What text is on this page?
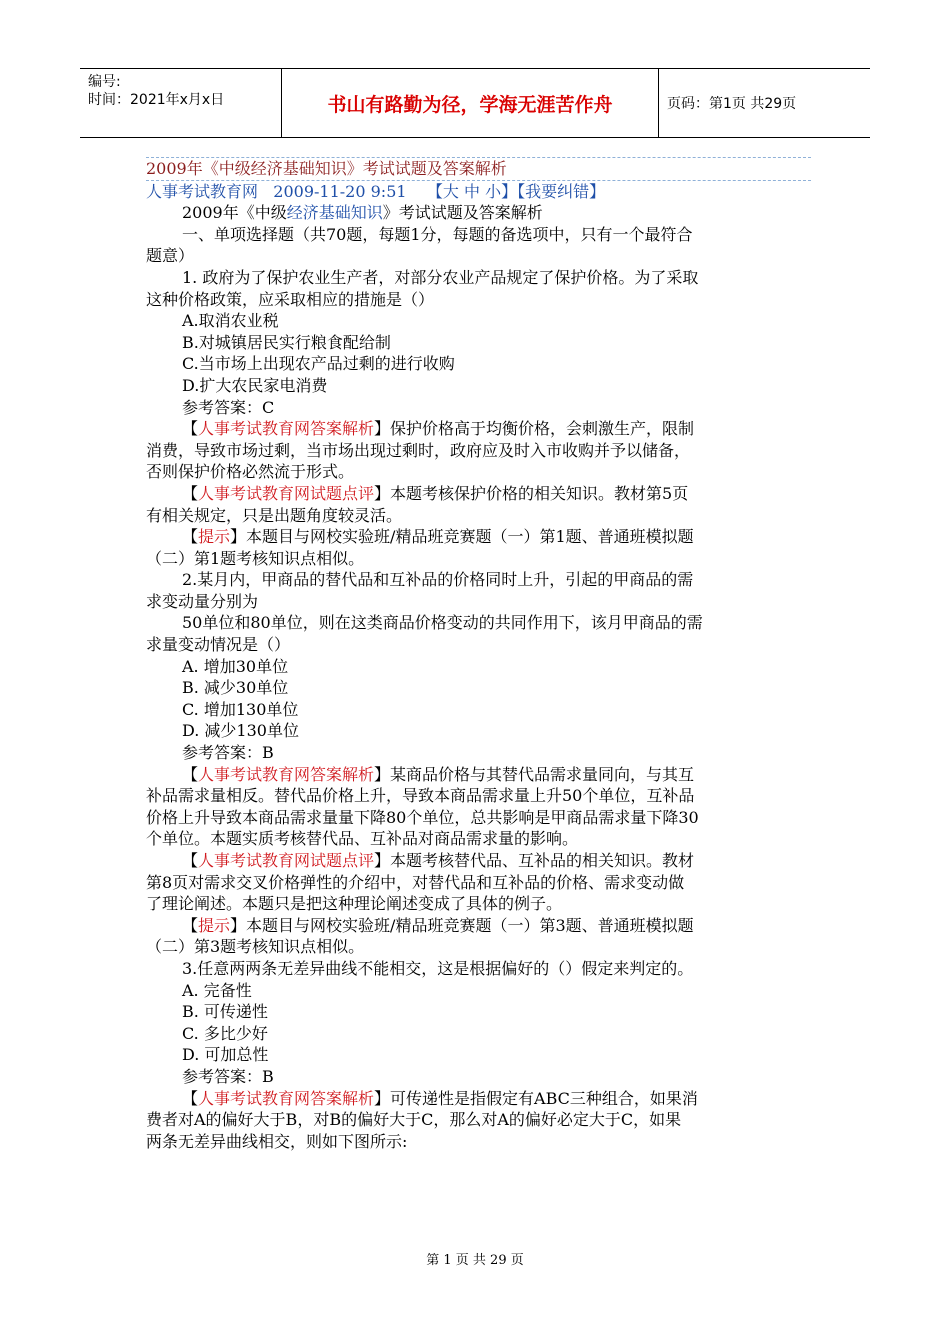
编号:
时间：2021年x月x日	书山有路勤为径，学海无涯苦作舟	页码：第1页 共29页
2009年《中级经济基础知识》考试试题及答案解析
人事考试教育网 2009-11-20 9:51 【大 中 小】【我要纠错】
2009年《中级经济基础知识》考试试题及答案解析
一、单项选择题（共70题，每题1分，每题的备选项中，只有一个最符合
题意）
1. 政府为了保护农业生产者，对部分农业产品规定了保护价格。为了采取
这种价格政策，应采取相应的措施是（）
A.取消农业税
B.对城镇居民实行粮食配给制
C.当市场上出现农产品过剩的进行收购
D.扩大农民家电消费
参考答案：C
【人事考试教育网答案解析】保护价格高于均衡价格，会刺激生产，限制
消费，导致市场过剩，当市场出现过剩时，政府应及时入市收购并予以储备，
否则保护价格必然流于形式。
【人事考试教育网试题点评】本题考核保护价格的相关知识。教材第5页
有相关规定，只是出题角度较灵活。
【提示】本题目与网校实验班/精品班竞赛题（一）第1题、普通班模拟题
（二）第1题考核知识点相似。
2.某月内，甲商品的替代品和互补品的价格同时上升，引起的甲商品的需
求变动量分别为
50单位和80单位，则在这类商品价格变动的共同作用下，该月甲商品的需
求量变动情况是（）
A. 增加30单位
B. 减少30单位
C. 增加130单位
D. 减少130单位
参考答案：B
【人事考试教育网答案解析】某商品价格与其替代品需求量同向，与其互
补品需求量相反。替代品价格上升，导致本商品需求量上升50个单位，互补品
价格上升导致本商品需求量量下降80个单位，总共影响是甲商品需求量下降30
个单位。本题实质考核替代品、互补品对商品需求量的影响。
【人事考试教育网试题点评】本题考核替代品、互补品的相关知识。教材
第8页对需求交叉价格弹性的介绍中，对替代品和互补品的价格、需求变动做
了理论阐述。本题只是把这种理论阐述变成了具体的例子。
【提示】本题目与网校实验班/精品班竞赛题（一）第3题、普通班模拟题
（二）第3题考核知识点相似。
3.任意两两条无差异曲线不能相交，这是根据偏好的（）假定来判定的。
A. 完备性
B. 可传递性
C. 多比少好
D. 可加总性
参考答案：B
【人事考试教育网答案解析】可传递性是指假定有ABC三种组合，如果消
费者对A的偏好大于B，对B的偏好大于C，那么对A的偏好必定大于C，如果
两条无差异曲线相交，则如下图所示:
第 1 页 共 29 页
